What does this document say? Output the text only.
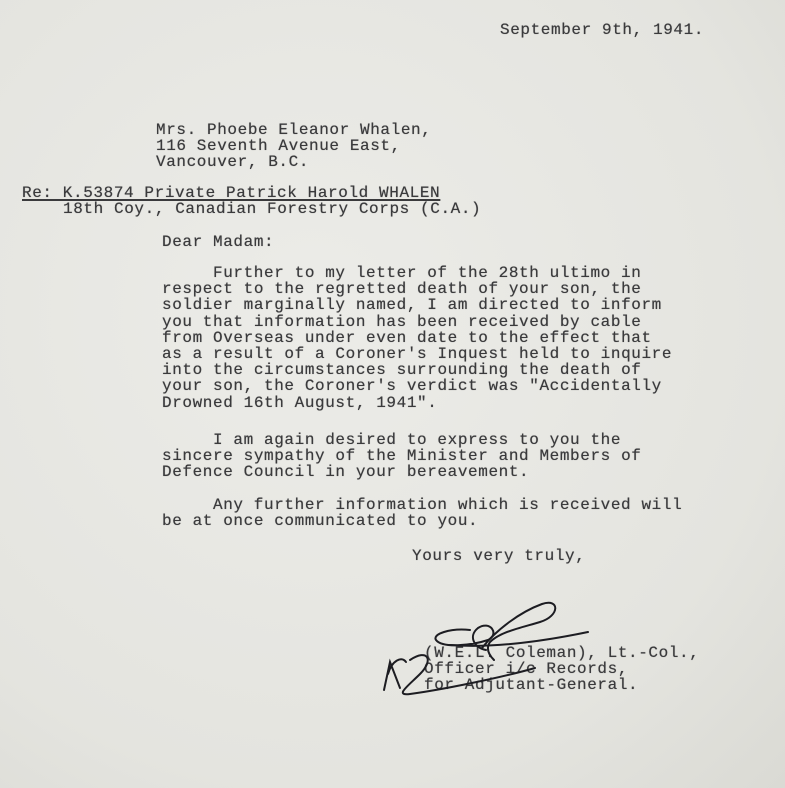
September 9th, 1941.
Mrs. Phoebe Eleanor Whalen,
116 Seventh Avenue East,
Vancouver, B.C.
Re: K.53874 Private Patrick Harold WHALEN
18th Coy., Canadian Forestry Corps (C.A.)
Dear Madam:
Further to my letter of the 28th ultimo in
respect to the regretted death of your son, the
soldier marginally named, I am directed to inform
you that information has been received by cable
from Overseas under even date to the effect that
as a result of a Coroner's Inquest held to inquire
into the circumstances surrounding the death of
your son, the Coroner's verdict was "Accidentally
Drowned 16th August, 1941".
I am again desired to express to you the
sincere sympathy of the Minister and Members of
Defence Council in your bereavement.
Any further information which is received will
be at once communicated to you.
Yours very truly,
(W.E.L. Coleman), Lt.-Col.,
Officer i/c Records,
for Adjutant-General.
